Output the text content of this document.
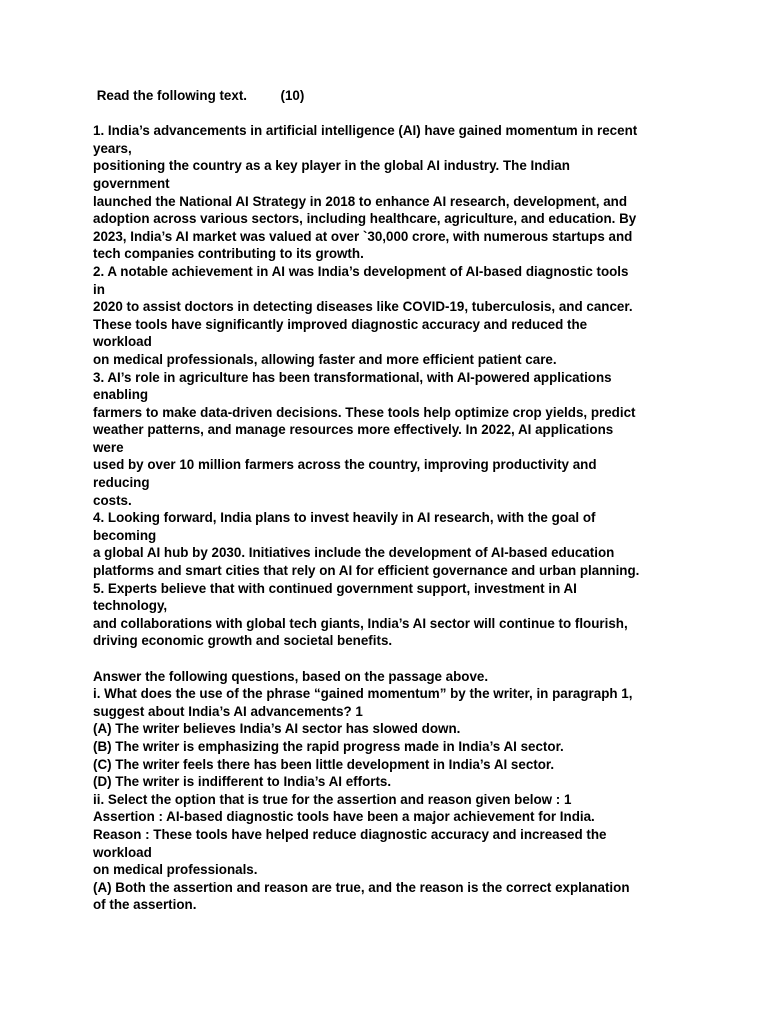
Read the following text.         (10)
1. India’s advancements in artificial intelligence (AI) have gained momentum in recent
years,
positioning the country as a key player in the global AI industry. The Indian
government
launched the National AI Strategy in 2018 to enhance AI research, development, and
adoption across various sectors, including healthcare, agriculture, and education. By
2023, India’s AI market was valued at over `30,000 crore, with numerous startups and
tech companies contributing to its growth.
2. A notable achievement in AI was India’s development of AI-based diagnostic tools
in
2020 to assist doctors in detecting diseases like COVID-19, tuberculosis, and cancer.
These tools have significantly improved diagnostic accuracy and reduced the
workload
on medical professionals, allowing faster and more efficient patient care.
3. AI’s role in agriculture has been transformational, with AI-powered applications
enabling
farmers to make data-driven decisions. These tools help optimize crop yields, predict
weather patterns, and manage resources more effectively. In 2022, AI applications
were
used by over 10 million farmers across the country, improving productivity and
reducing
costs.
4. Looking forward, India plans to invest heavily in AI research, with the goal of
becoming
a global AI hub by 2030. Initiatives include the development of AI-based education
platforms and smart cities that rely on AI for efficient governance and urban planning.
5. Experts believe that with continued government support, investment in AI
technology,
and collaborations with global tech giants, India’s AI sector will continue to flourish,
driving economic growth and societal benefits.
Answer the following questions, based on the passage above.
i. What does the use of the phrase “gained momentum” by the writer, in paragraph 1,
suggest about India’s AI advancements? 1
(A) The writer believes India’s AI sector has slowed down.
(B) The writer is emphasizing the rapid progress made in India’s AI sector.
(C) The writer feels there has been little development in India’s AI sector.
(D) The writer is indifferent to India’s AI efforts.
ii. Select the option that is true for the assertion and reason given below : 1
Assertion : AI-based diagnostic tools have been a major achievement for India.
Reason : These tools have helped reduce diagnostic accuracy and increased the
workload
on medical professionals.
(A) Both the assertion and reason are true, and the reason is the correct explanation
of the assertion.
